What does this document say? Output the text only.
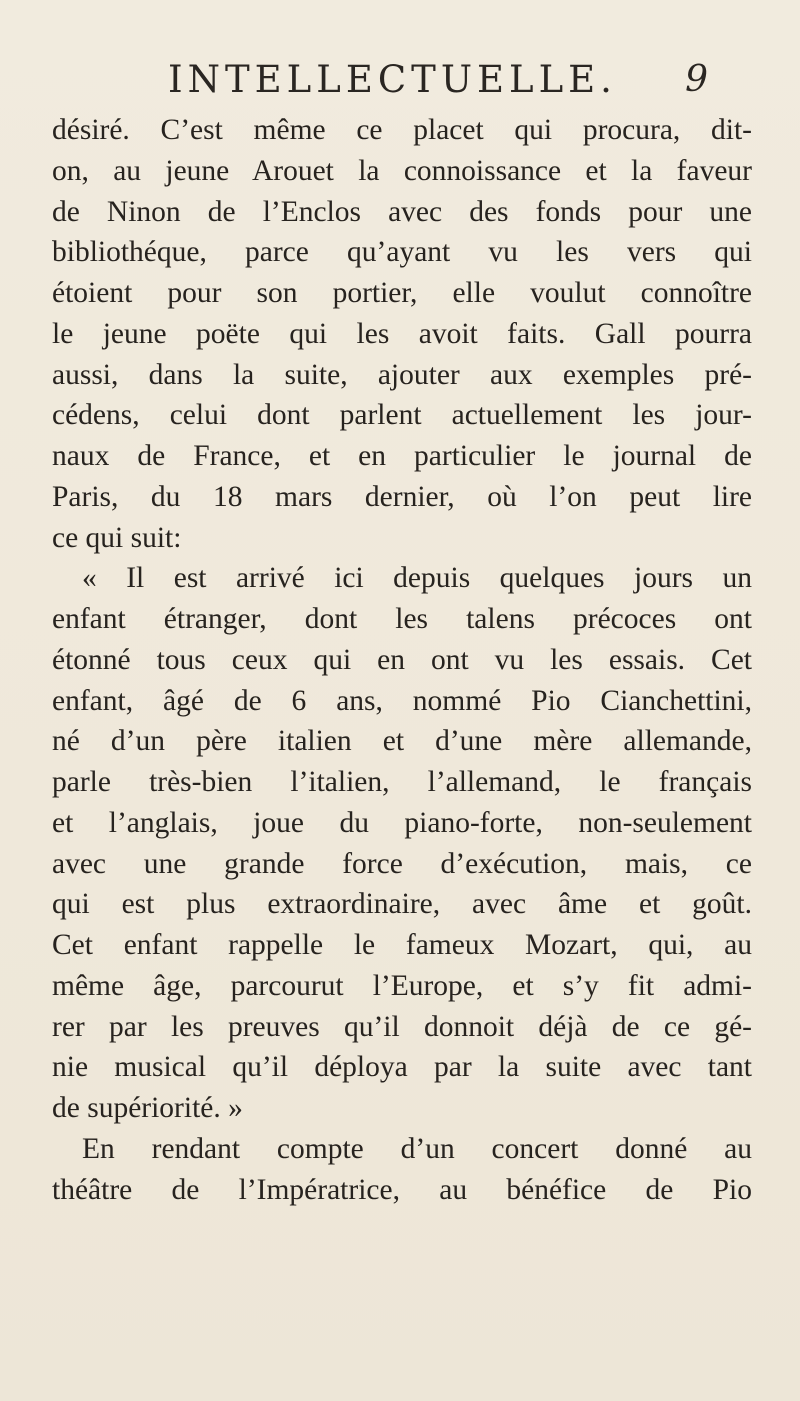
INTELLECTUELLE. 9
désiré. C’est même ce placet qui procura, dit-
on, au jeune Arouet la connoissance et la faveur
de Ninon de l’Enclos avec des fonds pour une
bibliothéque, parce qu’ayant vu les vers qui
étoient pour son portier, elle voulut connoître
le jeune poëte qui les avoit faits. Gall pourra
aussi, dans la suite, ajouter aux exemples pré-
cédens, celui dont parlent actuellement les jour-
naux de France, et en particulier le journal de
Paris, du 18 mars dernier, où l’on peut lire
ce qui suit:
« Il est arrivé ici depuis quelques jours un
enfant étranger, dont les talens précoces ont
étonné tous ceux qui en ont vu les essais. Cet
enfant, âgé de 6 ans, nommé Pio Cianchettini,
né d’un père italien et d’une mère allemande,
parle très-bien l’italien, l’allemand, le français
et l’anglais, joue du piano-forte, non-seulement
avec une grande force d’exécution, mais, ce
qui est plus extraordinaire, avec âme et goût.
Cet enfant rappelle le fameux Mozart, qui, au
même âge, parcourut l’Europe, et s’y fit admi-
rer par les preuves qu’il donnoit déjà de ce gé-
nie musical qu’il déploya par la suite avec tant
de supériorité. »
En rendant compte d’un concert donné au
théâtre de l’Impératrice, au bénéfice de Pio
